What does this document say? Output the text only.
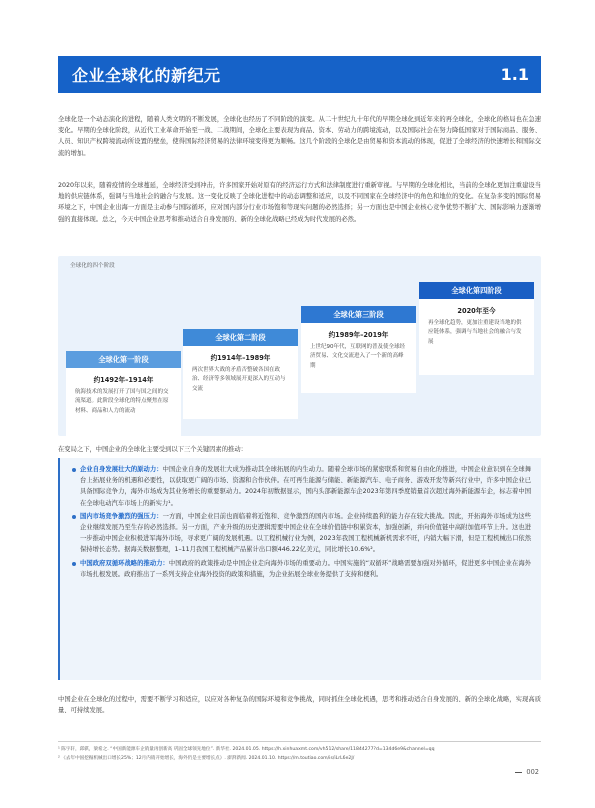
企业全球化的新纪元	1.1
全球化是一个动态演化的进程，随着人类文明的不断发展，全球化也经历了不同阶段的演变。从二十世纪九十年代的早期全球化到近年来的再全球化，全球化的格局也在急速变化。早期的全球化阶段，从近代工业革命开始至一战、二战期间，全球化主要表现为商品、资本、劳动力的跨境流动，以及国际社会在努力降低国家对于国际商品、服务、人员、知识产权跨境流动所设置的壁垒，使得国际经济贸易的法律环境变得更为顺畅。这几个阶段的全球化是由贸易和资本流动的体现，促进了全球经济的快速增长和国际交流的增加。
2020年以来，随着疫情的全球蔓延，全球经济受到冲击，许多国家开始对原有的经济运行方式和法律制度进行重新审视。与早期的全球化相比，当前的全球化更加注重建设当地的供应链体系，强调与当地社会的融合与发展。这一变化反映了全球化进程中的动态调整和适应，以及不同国家在全球经济中的角色和地位的变化。在复杂多变的国际贸易环境之下，中国企业出海一方面是主动参与国际循环，应对国内部分行业市场饱和等现实问题的必然选择；另一方面也是中国企业核心竞争优势不断扩大、国际影响力逐渐增强的直接体现。总之，今天中国企业思考和推动适合自身发展的、新的全球化战略已经成为时代发展的必然。
全球化的四个阶段
全球化第一阶段
约1492年–1914年
航海技术的发展打开了国与国之间的交流渠道。此阶段全球化的特点聚焦在原材料、商品和人力的流动
全球化第二阶段
约1914年–1989年
两次世界大战的矛盾否整破各国在政治、经济等多领域展开更深入的互动与交流
全球化第三阶段
约1989年–2019年
上世纪90年代，互联网的普及使全球经济贸易、文化交流进入了一个新的高峰期
全球化第四阶段
2020年至今
再全球化趋势，更加注重建设当地的供应链体系，强调与当地社会的融合与发展
在变局之下，中国企业的全球化主要受到以下三个关键因素的推动：
企业自身发展壮大的原动力：中国企业自身的发展壮大成为推动其全球拓展的内生动力。随着全球市场的紧密联系和贸易自由化的推进，中国企业意识到在全球舞台上拓展业务的机遇和必要性，以获取更广阔的市场、资源和合作伙伴。在可再生能源与储能、新能源汽车、电子商务、游戏开发等新兴行业中，许多中国企业已具备国际竞争力，海外市场成为其业务增长的重要驱动力。2024年初数据显示，国内头部新能源车企2023年第四季度销量首次超过海外新能源车企，标志着中国在全球电动汽车市场上的新实力¹。
国内市场竞争激烈的强压力：一方面，中国企业目前也面临着将近饱和、竞争激烈的国内市场。企业持续盈利的能力存在较大挑战。因此，开拓海外市场成为这些企业继续发展乃至生存的必然选择。另一方面，产业升级的历史逻辑需要中国企业在全球价值链中积累资本，加强创新，并向价值链中高附加值环节上升。这也进一步推动中国企业积极进军海外市场，寻求更广阔的发展机遇。以工程机械行业为例，2023年我国工程机械新机需求不旺，内销大幅下滑，但是工程机械出口依然保持增长态势。据海关数据整理，1–11月我国工程机械产品累计出口额446.22亿美元，同比增长10.6%²。
中国政府双循环战略的推动力：中国政府的政策推动是中国企业走向海外市场的重要动力。中国实施的“双循环”战略需要加强对外循环，促进更多中国企业在海外市场扎根发展。政府推出了一系列支持企业海外投资的政策和措施，为企业拓展全球业务提供了支持和便利。
中国企业在全球化的过程中，需要不断学习和适应，以应对各种复杂的国际环境和竞争挑战，同时抓住全球化机遇，思考和推动适合自身发展的、新的全球化战略，实现高质量、可持续发展。
¹ 陈宇轩，邱骐，梁希之. “中国新能源车企销量再创新高 巩固全球领先地位”. 新华社. 2024.01.05. https://h.xinhuaxmt.com/vh512/share/11844277?d=134d6e9&channel=qq
² 《去年中国挖掘机械出口增长25%；12月内销开始增长，海外仍是主要增长点》. 澎湃新闻. 2024.01.10. https://m.toutiao.com/is/iLrL6e2J/
002
